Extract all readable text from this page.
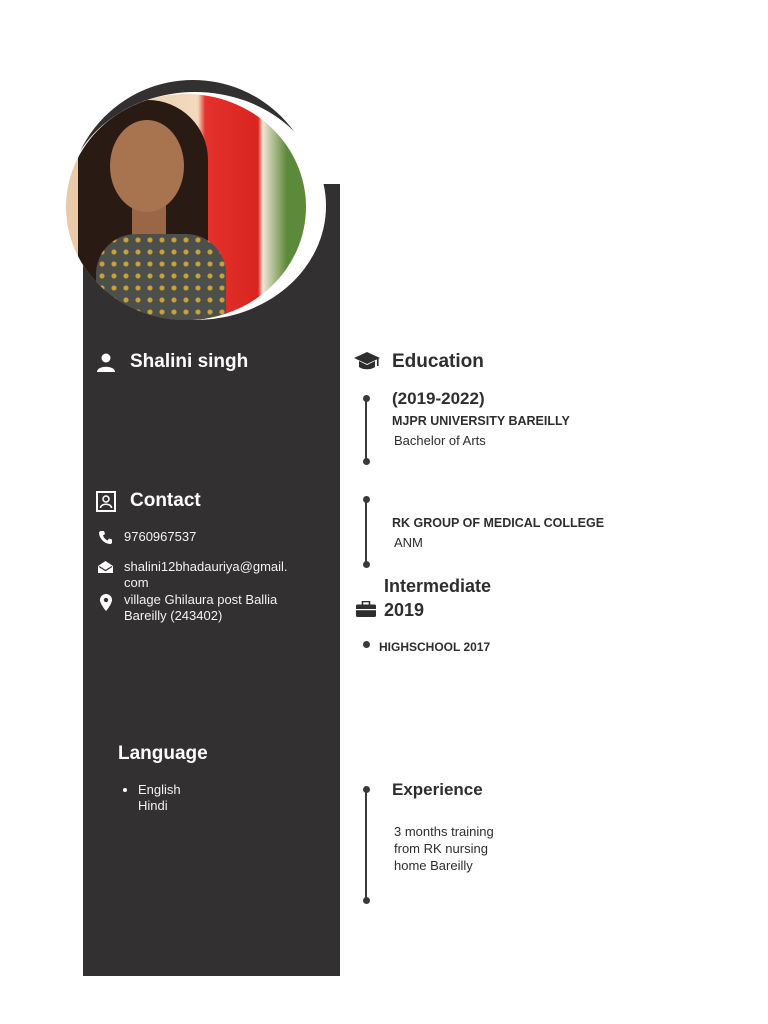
Shalini singh
Contact
9760967537
shalini12bhadauriya@gmail.
com
village Ghilaura post Ballia
Bareilly (243402)
Language
English
Hindi
Education
(2019-2022)
MJPR UNIVERSITY BAREILLY
Bachelor of Arts
RK GROUP OF MEDICAL COLLEGE
ANM
Intermediate
2019
HIGHSCHOOL 2017
Experience
3 months training
from RK nursing
home Bareilly
